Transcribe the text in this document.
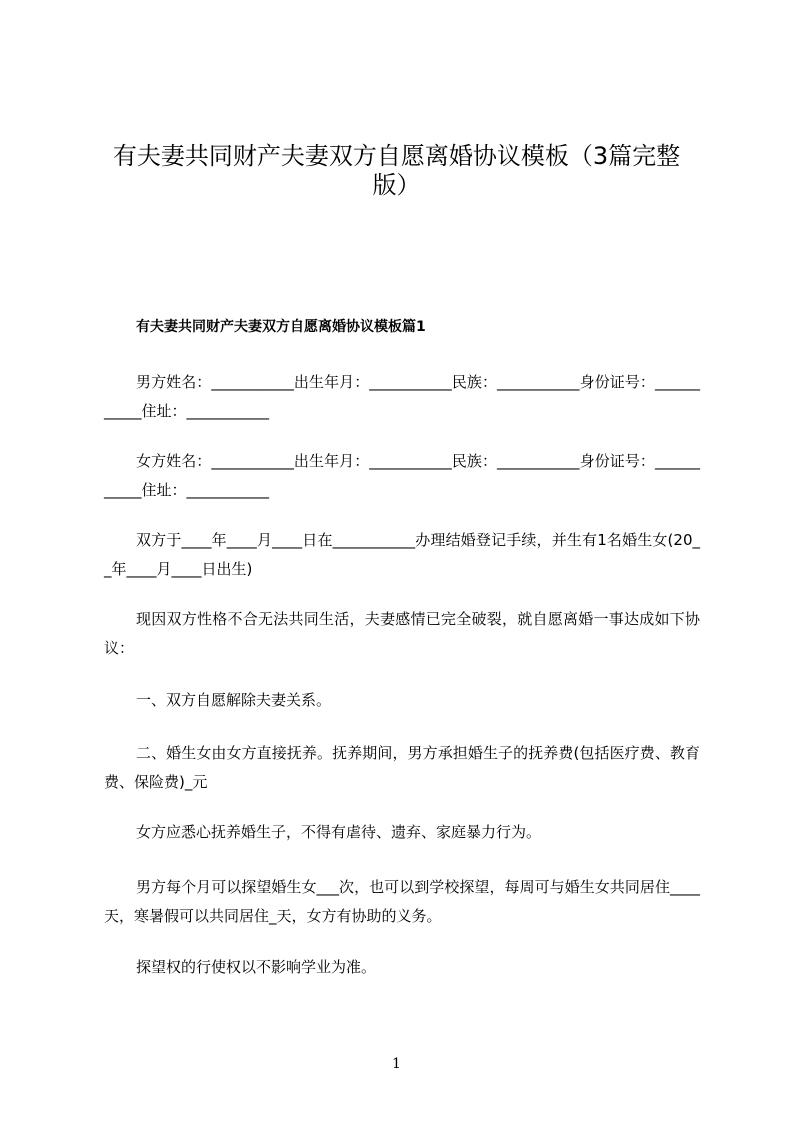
有夫妻共同财产夫妻双方自愿离婚协议模板（3篇完整版）
有夫妻共同财产夫妻双方自愿离婚协议模板篇1

男方姓名：___________出生年月：___________民族：___________身份证号：___________住址：___________

女方姓名：___________出生年月：___________民族：___________身份证号：___________住址：___________

双方于____年____月____日在___________办理结婚登记手续，并生有1名婚生女(20__年____月____日出生)

现因双方性格不合无法共同生活，夫妻感情已完全破裂，就自愿离婚一事达成如下协议：

一、双方自愿解除夫妻关系。

二、婚生女由女方直接抚养。抚养期间，男方承担婚生子的抚养费(包括医疗费、教育费、保险费)_元

女方应悉心抚养婚生子，不得有虐待、遗弃、家庭暴力行为。

男方每个月可以探望婚生女___次，也可以到学校探望，每周可与婚生女共同居住____天，寒暑假可以共同居住_天，女方有协助的义务。

探望权的行使权以不影响学业为准。

1
